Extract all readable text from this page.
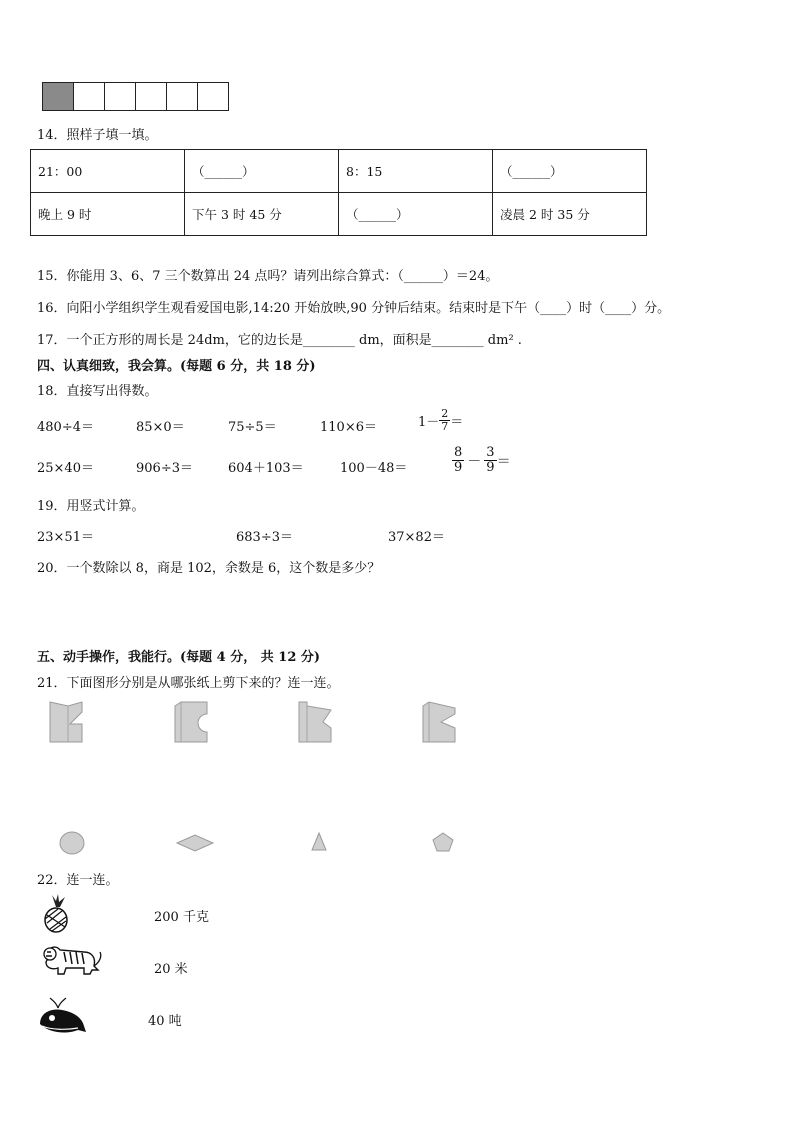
14．照样子填一填。
21：00	（______）	8：15	（______）
晚上 9 时	下午 3 时 45 分	（______）	凌晨 2 时 35 分
15．你能用 3、6、7 三个数算出 24 点吗？请列出综合算式：（______）＝24。
16．向阳小学组织学生观看爱国电影,14:20 开始放映,90 分钟后结束。结束时是下午（____）时（____）分。
17．一个正方形的周长是 24dm，它的边长是________ dm，面积是________ dm² .
四、认真细致，我会算。(每题 6 分，共 18 分)
18．直接写出得数。
480÷4＝	85×0＝	75÷5＝	110×6＝	$1- \frac{2}{7}$ ＝
25×40＝	906÷3＝	604＋103＝	100－48＝	$\frac{8}{9} - \frac{3}{9}$ ＝
19．用竖式计算。
23×51＝	683÷3＝	37×82＝
20．一个数除以 8，商是 102，余数是 6，这个数是多少？
五、动手操作，我能行。(每题 4 分， 共 12 分)
21．下面图形分别是从哪张纸上剪下来的？连一连。
22．连一连。
200 千克
20 米
40 吨
